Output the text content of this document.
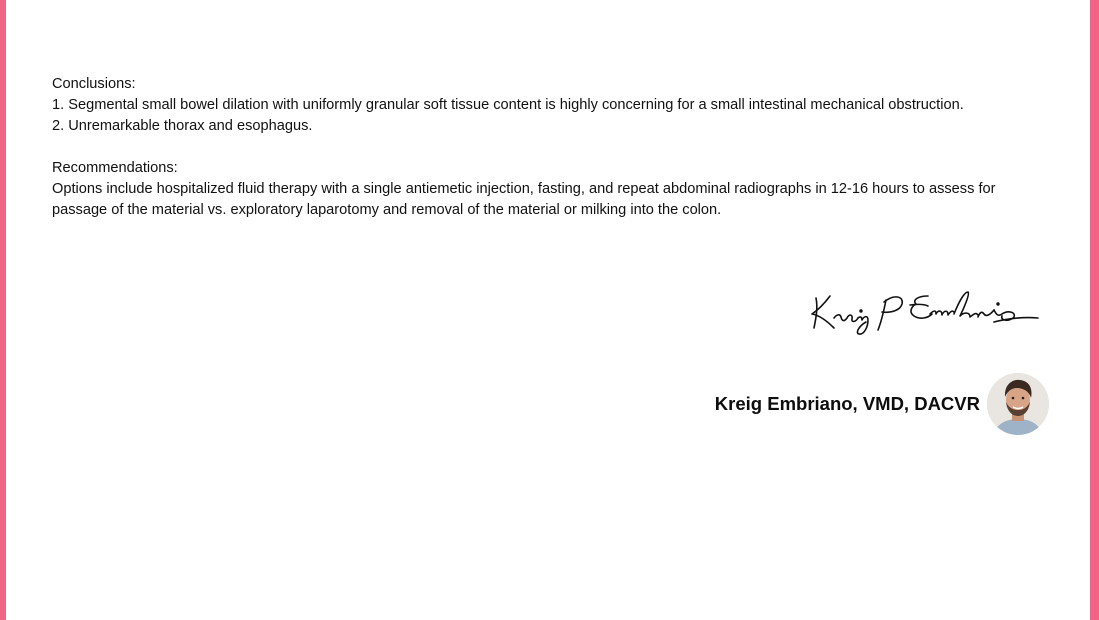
Conclusions:

1. Segmental small bowel dilation with uniformly granular soft tissue content is highly concerning for a small intestinal mechanical obstruction.

2. Unremarkable thorax and esophagus.

Recommendations:

Options include hospitalized fluid therapy with a single antiemetic injection, fasting, and repeat abdominal radiographs in 12-16 hours to assess for passage of the material vs. exploratory laparotomy and removal of the material or milking into the colon.

Kreig Embriano, VMD, DACVR
